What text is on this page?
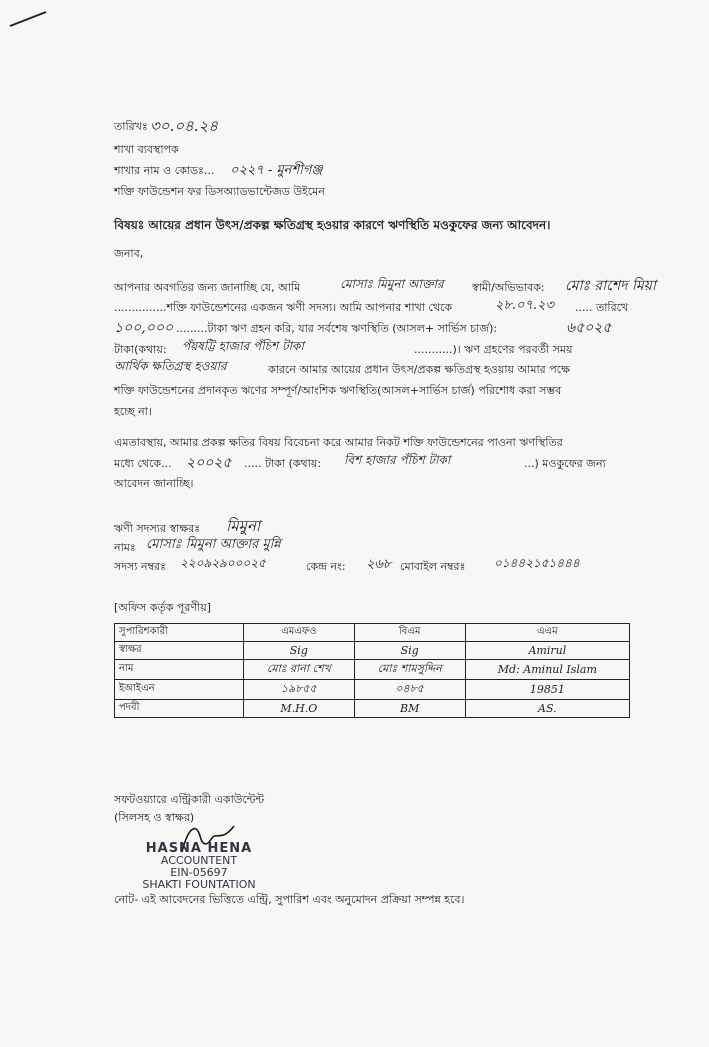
তারিখঃ ৩০.০৪.২৪
শাখা ব্যবস্থাপক
শাখার নাম ও কোডঃ... ০২২৭ - মুনশীগঞ্জ
শক্তি ফাউন্ডেশন ফর ডিসঅ্যাডভান্টেজড উইমেন
বিষয়ঃ আয়ের প্রধান উৎস/প্রকল্প ক্ষতিগ্রস্থ হওয়ার কারণে ঋণস্থিতি মওকুফের জন্য আবেদন।
জনাব,
আপনার অবগতির জন্য জানাচ্ছি যে, আমি	মোসাঃ মিমুনা আক্তার	স্বামী/অভিভাবক: মোঃ রাশেদ মিয়া
...............শক্তি ফাউন্ডেশনের একজন ঋণী সদস্য। আমি আপনার শাখা থেকে	২৮.০৭.২৩ ..... তারিখে
১০০,০০০ .........টাকা ঋণ গ্রহন করি, যার সর্বশেষ ঋণস্থিতি (আসল+ সার্ভিস চার্জ):	৬৫০২৫
টাকা(কথায়: পঁয়ষট্টি হাজার পঁচিশ টাকা	...........)। ঋণ গ্রহণের পরবর্তী সময়
আর্থিক ক্ষতিগ্রস্থ হওয়ার	কারনে আমার আয়ের প্রধান উৎস/প্রকল্প ক্ষতিগ্রস্থ হওয়ায় আমার পক্ষে
শক্তি ফাউন্ডেশনের প্রদানকৃত ঋণের সম্পূর্ণ/আংশিক ঋণস্থিতি(আসল+সার্ভিস চার্জ) পরিশোধ করা সম্ভব
হচ্ছে না।
এমতাবস্থায়, আমার প্রকল্প ক্ষতির বিষয় বিবেচনা করে আমার নিকট শক্তি ফাউন্ডেশনের পাওনা ঋণস্থিতির
মধ্যে থেকে... ২০০২৫ ..... টাকা (কথায়: বিশ হাজার পঁচিশ টাকা	...) মওকুফের জন্য
আবেদন জানাচ্ছি।
ঋণী সদস্যর স্বাক্ষরঃ মিমুনা
নামঃ মোসাঃ মিমুনা আক্তার মুন্নি
সদস্য নম্বরঃ ২২০৯২৯০০০২৫	কেন্দ্র নং: ২৬৮ মোবাইল নম্বরঃ ০১৪৪২১৫১৪৪৪
[অফিস কর্তৃক পূরণীয়]
সুপারিশকারী	এমএফও	বিএম	এএম
স্বাক্ষর	Sig	Sig	Amirul
নাম	মোঃ রানা শেখ	মোঃ শামসুদ্দিন	Md: Aminul Islam
ইআইএন	১৯৮৫৫	০৪৮৫	19851
পদবী	M.H.O	BM	AS.
সফটওয়্যারে এন্ট্রিকারী একাউন্টেন্ট
(সিলসহ ও স্বাক্ষর)
HASNA HENA
ACCOUNTENT
EIN-05697
SHAKTI FOUNTATION
নোট- এই আবেদনের ভিত্তিতে এন্ট্রি, সুপারিশ এবং অনুমোদন প্রক্রিয়া সম্পন্ন হবে।
